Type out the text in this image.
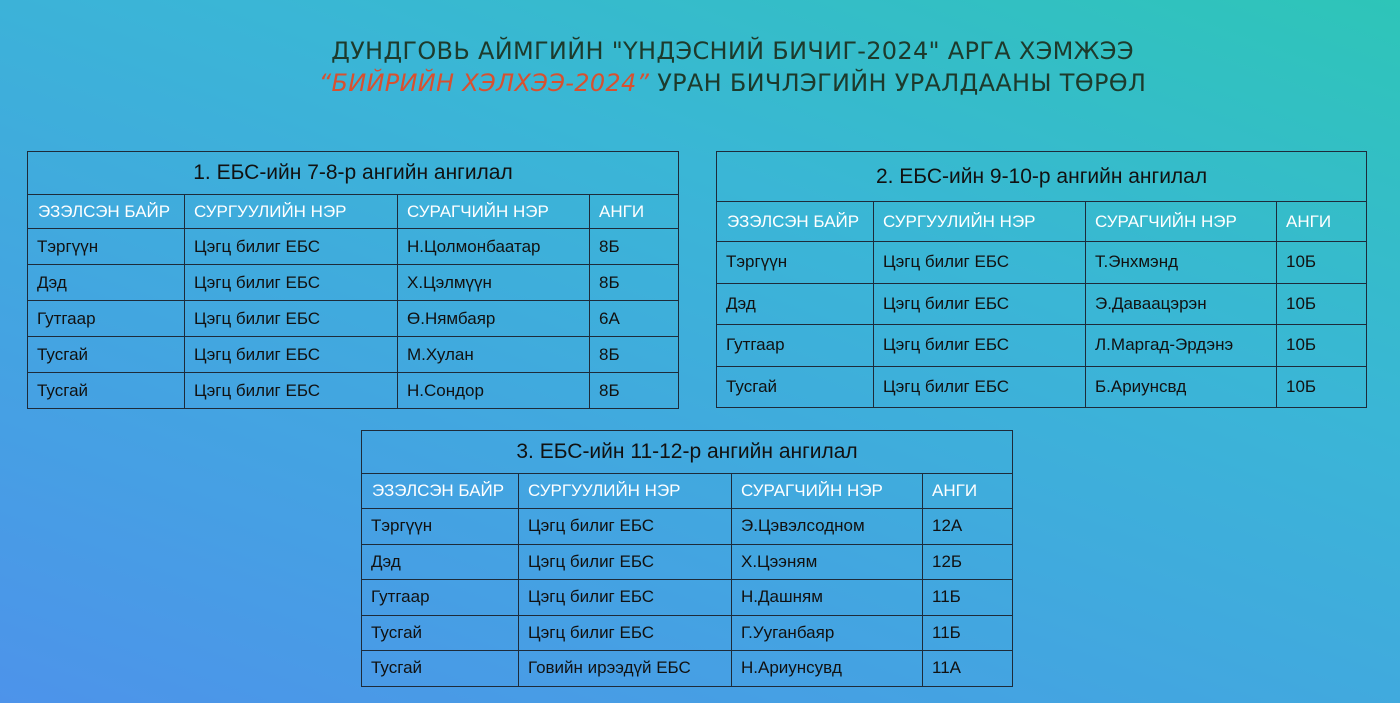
ДУНДГОВЬ АЙМГИЙН "ҮНДЭСНИЙ БИЧИГ-2024" АРГА ХЭМЖЭЭ
“БИЙРИЙН ХЭЛХЭЭ-2024” УРАН БИЧЛЭГИЙН УРАЛДААНЫ ТӨРӨЛ
1. ЕБС-ийн 7-8-р ангийн ангилал			
ЭЗЭЛСЭН БАЙР	СУРГУУЛИЙН НЭР	СУРАГЧИЙН НЭР	АНГИ
Тэргүүн	Цэгц билиг ЕБС	Н.Цолмонбаатар	8Б
Дэд	Цэгц билиг ЕБС	Х.Цэлмүүн	8Б
Гутгаар	Цэгц билиг ЕБС	Ө.Нямбаяр	6А
Тусгай	Цэгц билиг ЕБС	М.Хулан	8Б
Тусгай	Цэгц билиг ЕБС	Н.Сондор	8Б
2. ЕБС-ийн 9-10-р ангийн ангилал			
ЭЗЭЛСЭН БАЙР	СУРГУУЛИЙН НЭР	СУРАГЧИЙН НЭР	АНГИ
Тэргүүн	Цэгц билиг ЕБС	Т.Энхмэнд	10Б
Дэд	Цэгц билиг ЕБС	Э.Даваацэрэн	10Б
Гутгаар	Цэгц билиг ЕБС	Л.Маргад-Эрдэнэ	10Б
Тусгай	Цэгц билиг ЕБС	Б.Ариунсвд	10Б
3. ЕБС-ийн 11-12-р ангийн ангилал			
ЭЗЭЛСЭН БАЙР	СУРГУУЛИЙН НЭР	СУРАГЧИЙН НЭР	АНГИ
Тэргүүн	Цэгц билиг ЕБС	Э.Цэвэлсодном	12А
Дэд	Цэгц билиг ЕБС	Х.Цээням	12Б
Гутгаар	Цэгц билиг ЕБС	Н.Дашням	11Б
Тусгай	Цэгц билиг ЕБС	Г.Ууганбаяр	11Б
Тусгай	Говийн ирээдүй ЕБС	Н.Ариунсувд	11А
